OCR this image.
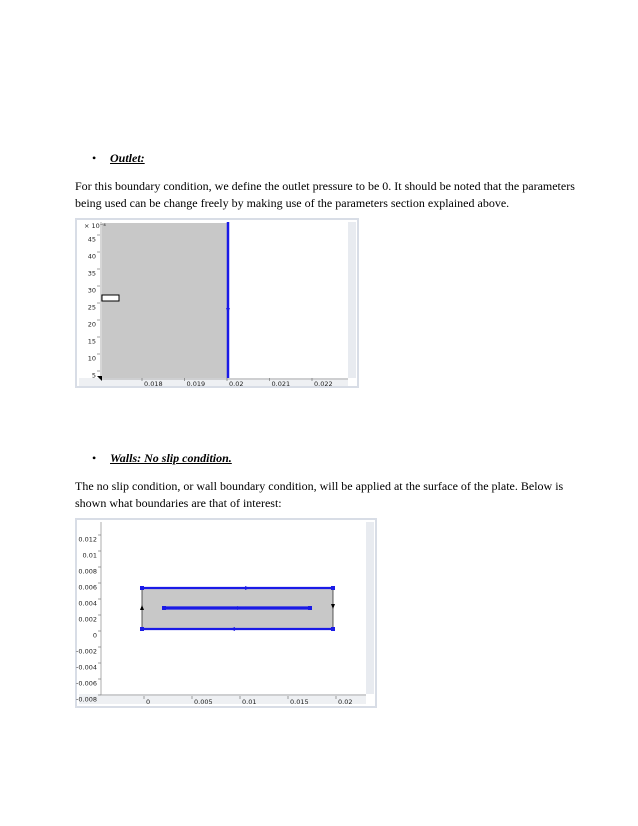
• Outlet:

For this boundary condition, we define the outlet pressure to be 0. It should be noted that the parameters
being used can be change freely by making use of the parameters section explained above.

× 10⁻⁴
45
40
35
30
25
20
15
10
5
0.018	0.019	0.02	0.021	0.022
• Walls: No slip condition.

The no slip condition, or wall boundary condition, will be applied at the surface of the plate. Below is
shown what boundaries are that of interest:

0.012
0.01
0.008
0.006
0.004
0.002
0
-0.002
-0.004
-0.006
-0.008	0	0.005	0.01	0.015	0.02
